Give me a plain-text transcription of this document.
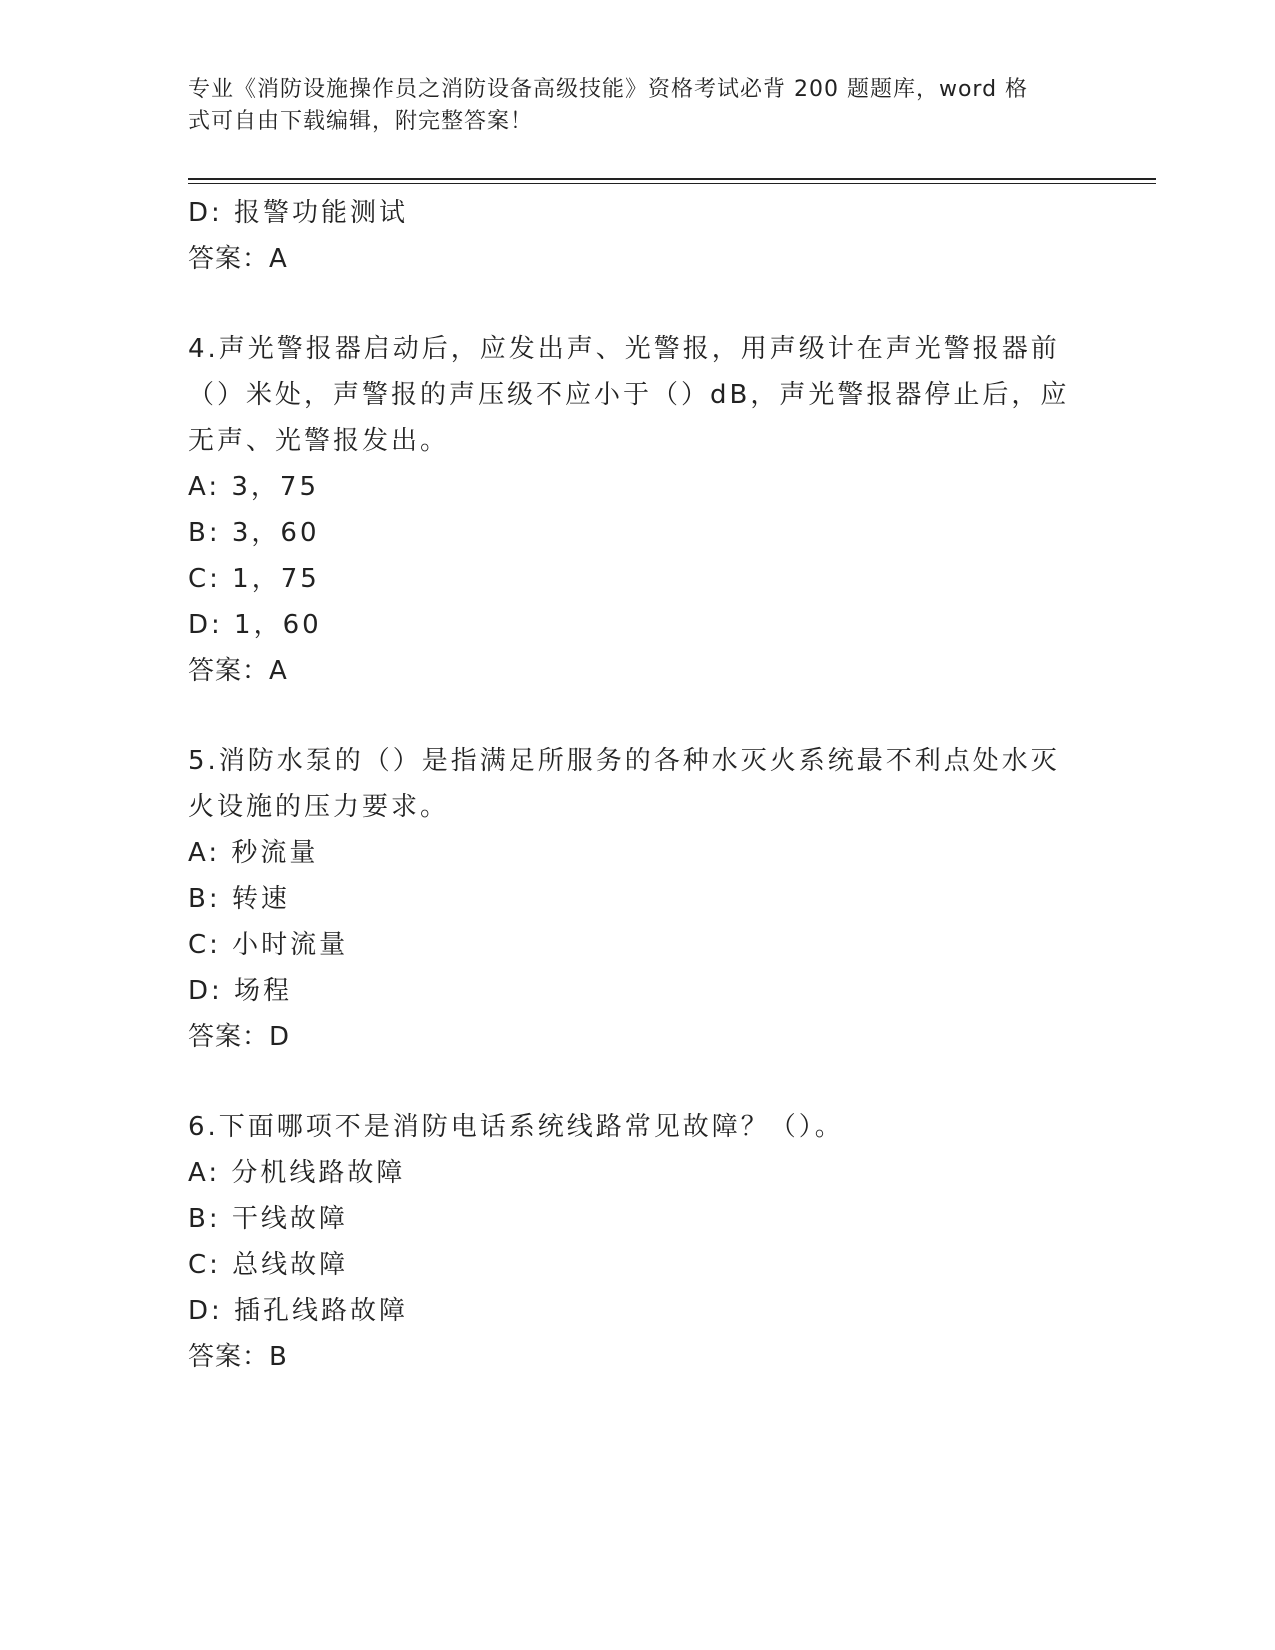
专业《消防设施操作员之消防设备高级技能》资格考试必背 200 题题库，word 格
式可自由下载编辑，附完整答案！
D: 报警功能测试
答案：A
4.声光警报器启动后，应发出声、光警报，用声级计在声光警报器前
（）米处，声警报的声压级不应小于（）dB，声光警报器停止后，应
无声、光警报发出。
A: 3，75
B: 3，60
C: 1，75
D: 1，60
答案：A
5.消防水泵的（）是指满足所服务的各种水灭火系统最不利点处水灭
火设施的压力要求。
A: 秒流量
B: 转速
C: 小时流量
D: 场程
答案：D
6.下面哪项不是消防电话系统线路常见故障？（）。
A: 分机线路故障
B: 干线故障
C: 总线故障
D: 插孔线路故障
答案：B
